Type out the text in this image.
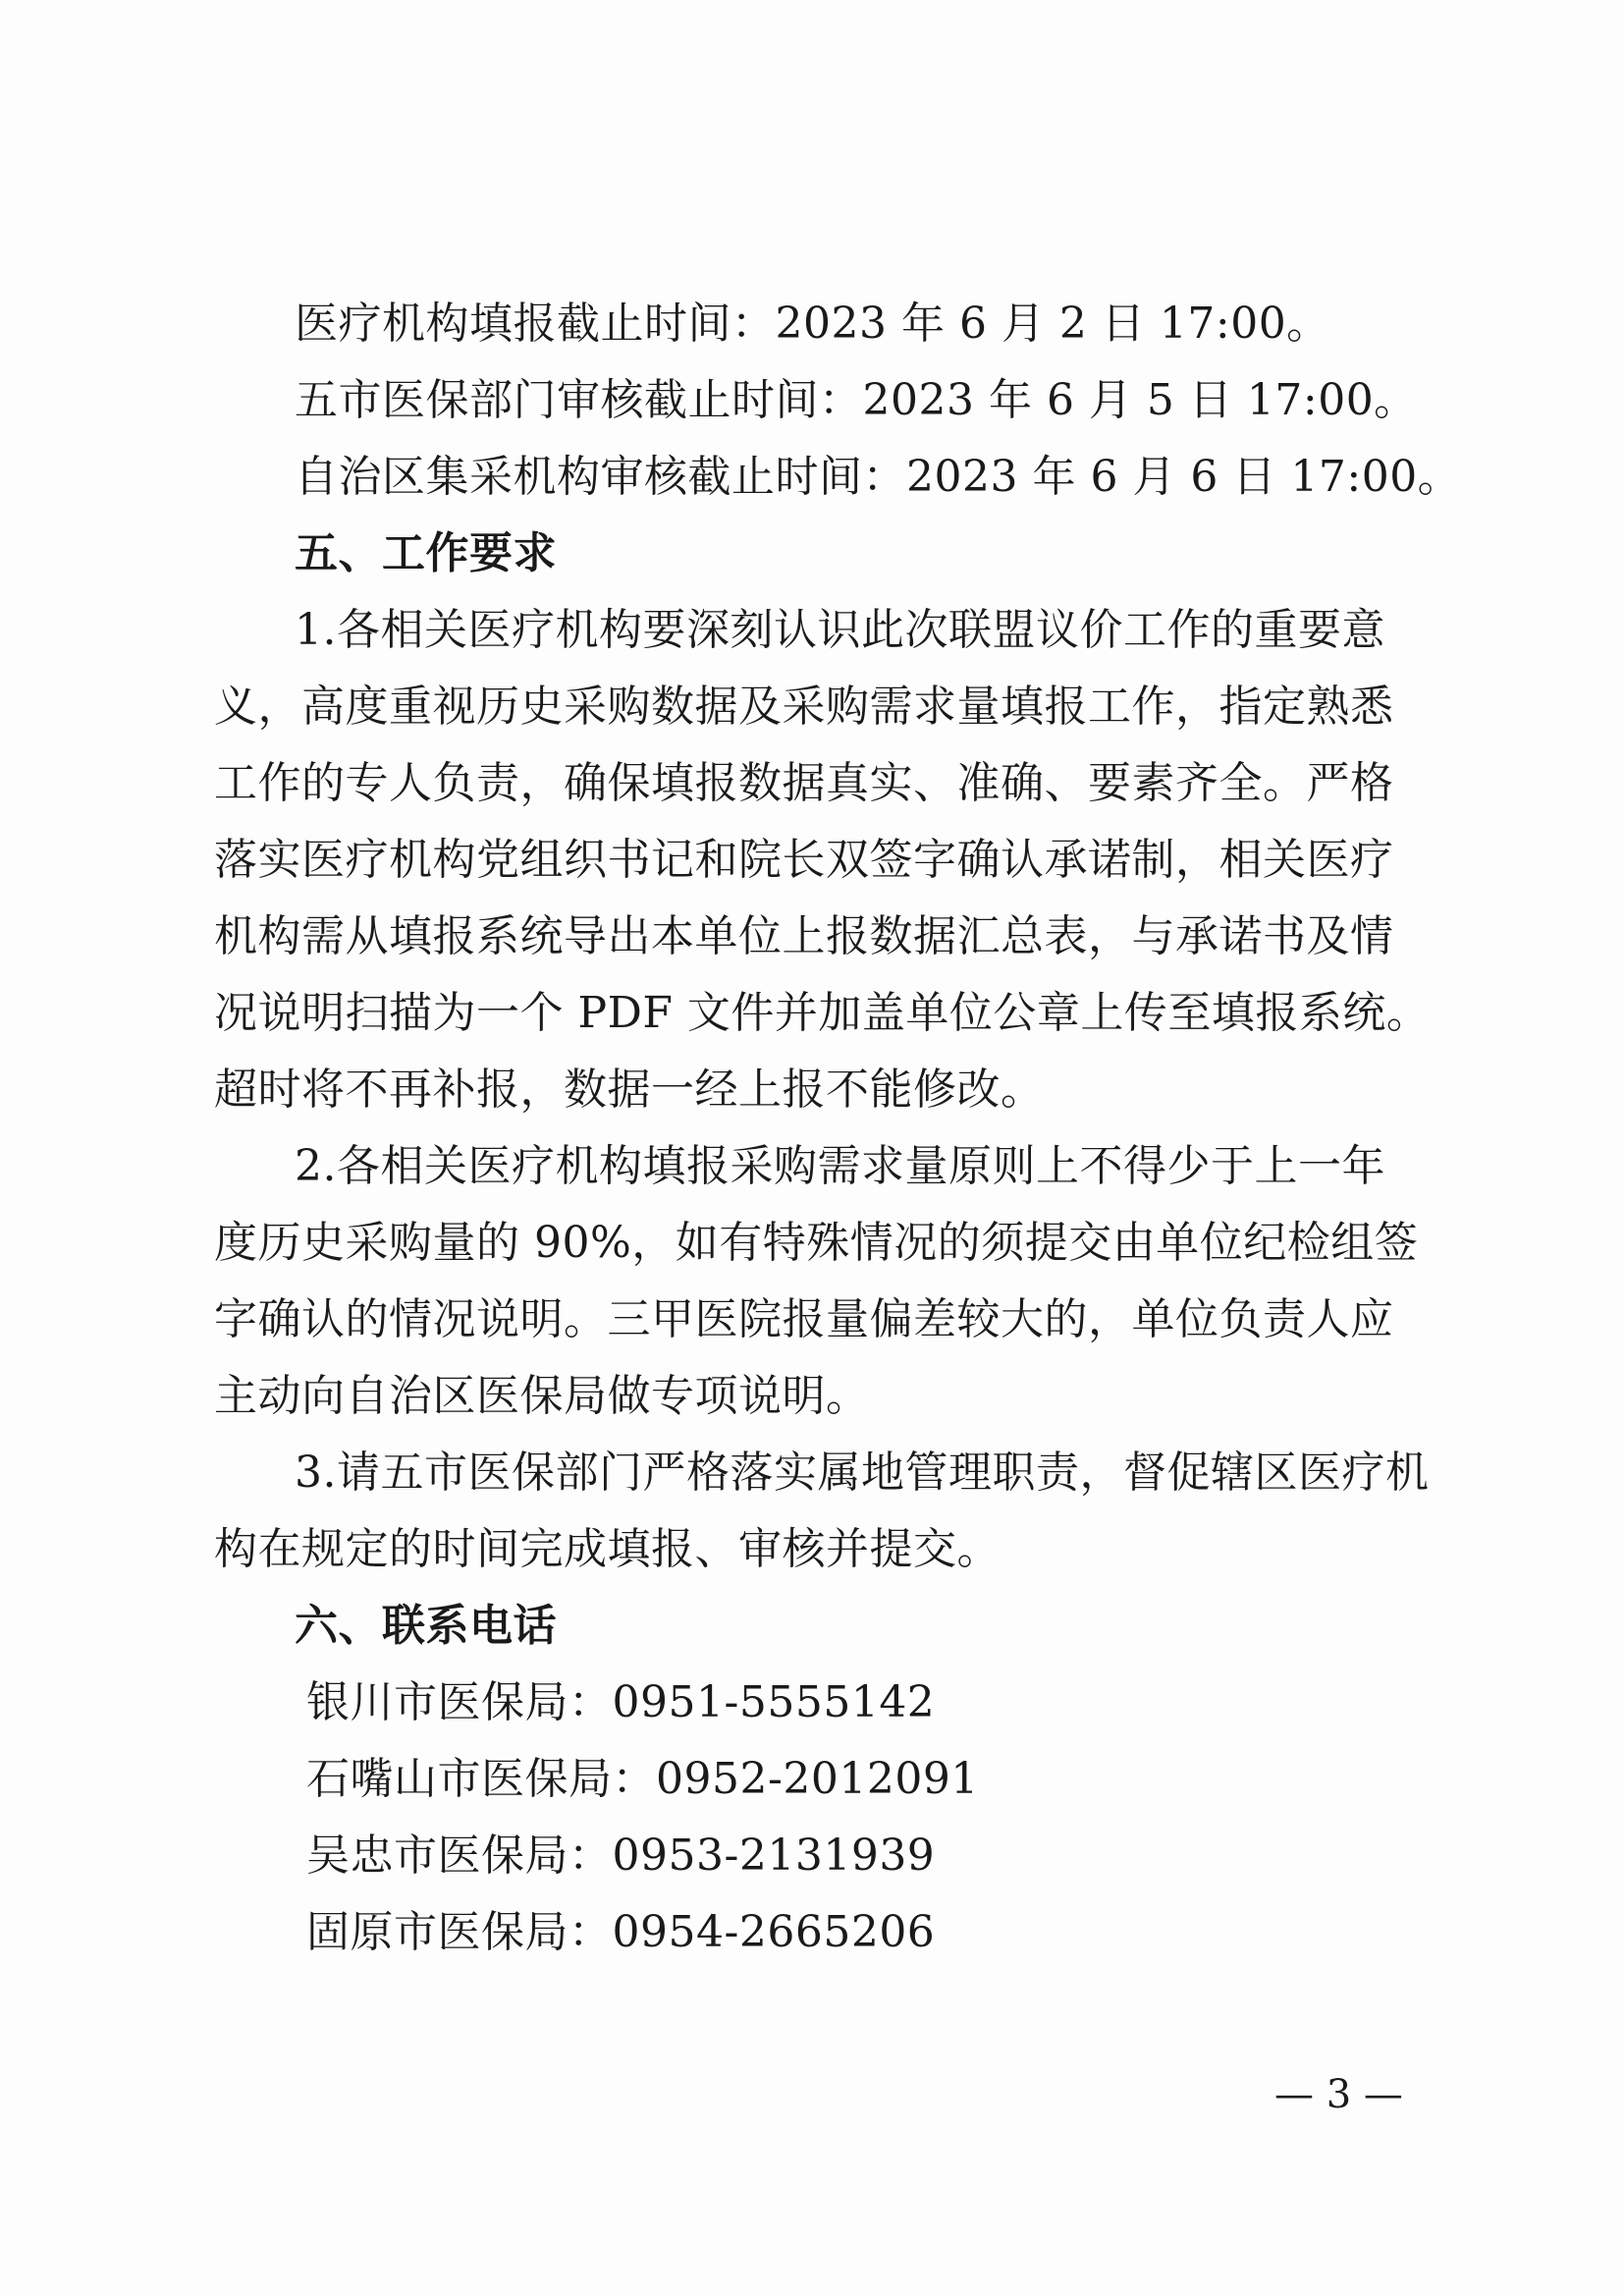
医疗机构填报截止时间：2023 年 6 月 2 日 17:00。
五市医保部门审核截止时间：2023 年 6 月 5 日 17:00。
自治区集采机构审核截止时间：2023 年 6 月 6 日 17:00。
五、工作要求
1.各相关医疗机构要深刻认识此次联盟议价工作的重要意
义，高度重视历史采购数据及采购需求量填报工作，指定熟悉
工作的专人负责，确保填报数据真实、准确、要素齐全。严格
落实医疗机构党组织书记和院长双签字确认承诺制，相关医疗
机构需从填报系统导出本单位上报数据汇总表，与承诺书及情
况说明扫描为一个 PDF 文件并加盖单位公章上传至填报系统。
超时将不再补报，数据一经上报不能修改。
2.各相关医疗机构填报采购需求量原则上不得少于上一年
度历史采购量的 90%，如有特殊情况的须提交由单位纪检组签
字确认的情况说明。三甲医院报量偏差较大的，单位负责人应
主动向自治区医保局做专项说明。
3.请五市医保部门严格落实属地管理职责，督促辖区医疗机
构在规定的时间完成填报、审核并提交。
六、联系电话
银川市医保局：0951-5555142
石嘴山市医保局：0952-2012091
吴忠市医保局：0953-2131939
固原市医保局：0954-2665206
— 3 —
